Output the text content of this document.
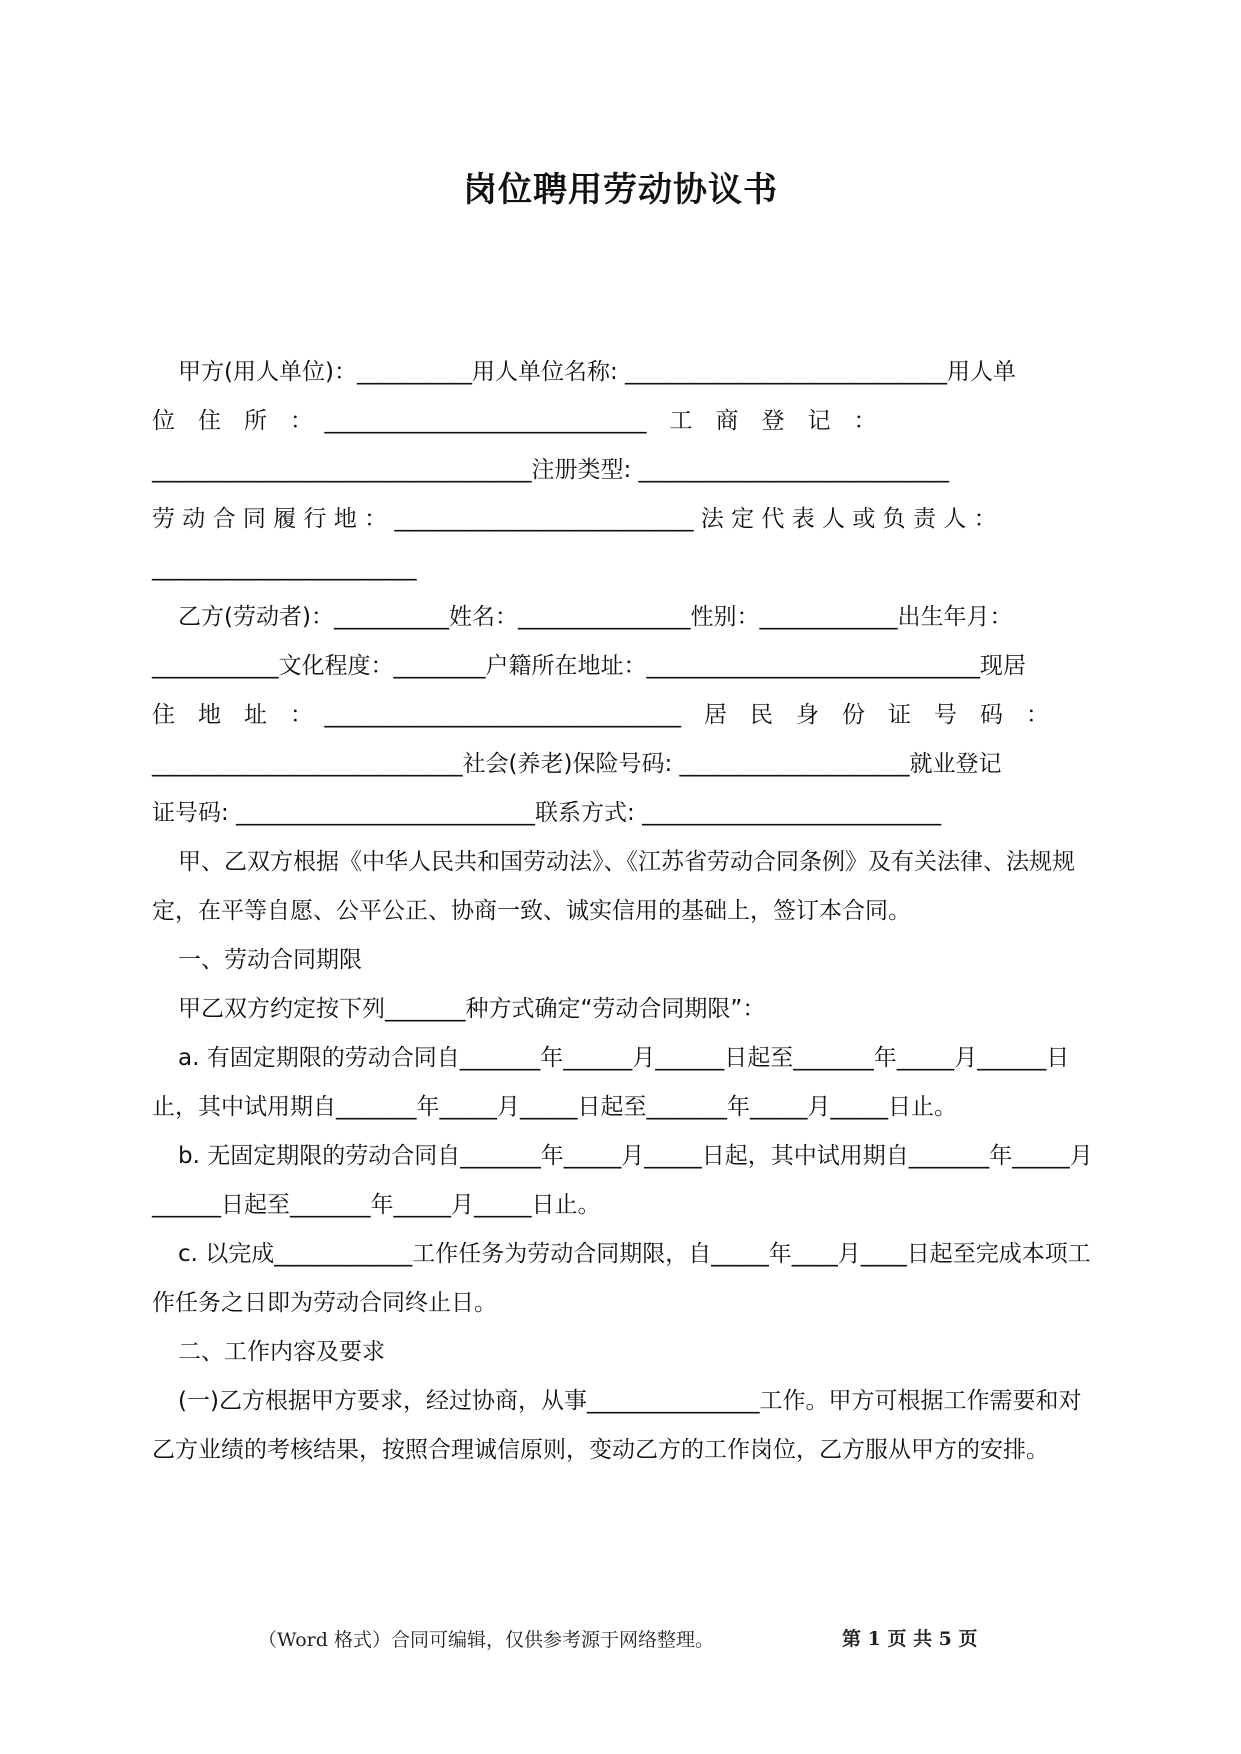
岗位聘用劳动协议书
甲方(用人单位)：__________用人单位名称: ____________________________用人单
位　住　所　：　____________________________　工　商　登　记　：
_________________________________注册类型: ___________________________
劳 动 合 同 履 行 地 ： __________________________ 法 定 代 表 人 或 负 责 人 ：
_______________________
乙方(劳动者)：__________姓名：_______________性别：____________出生年月：
___________文化程度：________户籍所在地址：_____________________________现居
住　地　址　：　_______________________________　居　民　身　份　证　号　码　：
___________________________社会(养老)保险号码: ____________________就业登记
证号码: __________________________联系方式: __________________________

甲、乙双方根据《中华人民共和国劳动法》、《江苏省劳动合同条例》及有关法律、法规规定，在平等自愿、公平公正、协商一致、诚实信用的基础上，签订本合同。

一、劳动合同期限

甲乙双方约定按下列_______种方式确定“劳动合同期限”：

a. 有固定期限的劳动合同自_______年______月______日起至_______年_____月______日止，其中试用期自_______年_____月_____日起至_______年_____月_____日止。

b. 无固定期限的劳动合同自_______年_____月_____日起，其中试用期自_______年_____月______日起至_______年_____月_____日止。

c. 以完成____________工作任务为劳动合同期限，自_____年____月____日起至完成本项工作任务之日即为劳动合同终止日。

二、工作内容及要求

(一)乙方根据甲方要求，经过协商，从事_______________工作。甲方可根据工作需要和对乙方业绩的考核结果，按照合理诚信原则，变动乙方的工作岗位，乙方服从甲方的安排。

（Word 格式）合同可编辑，仅供参考源于网络整理。	第 1 页 共 5 页
